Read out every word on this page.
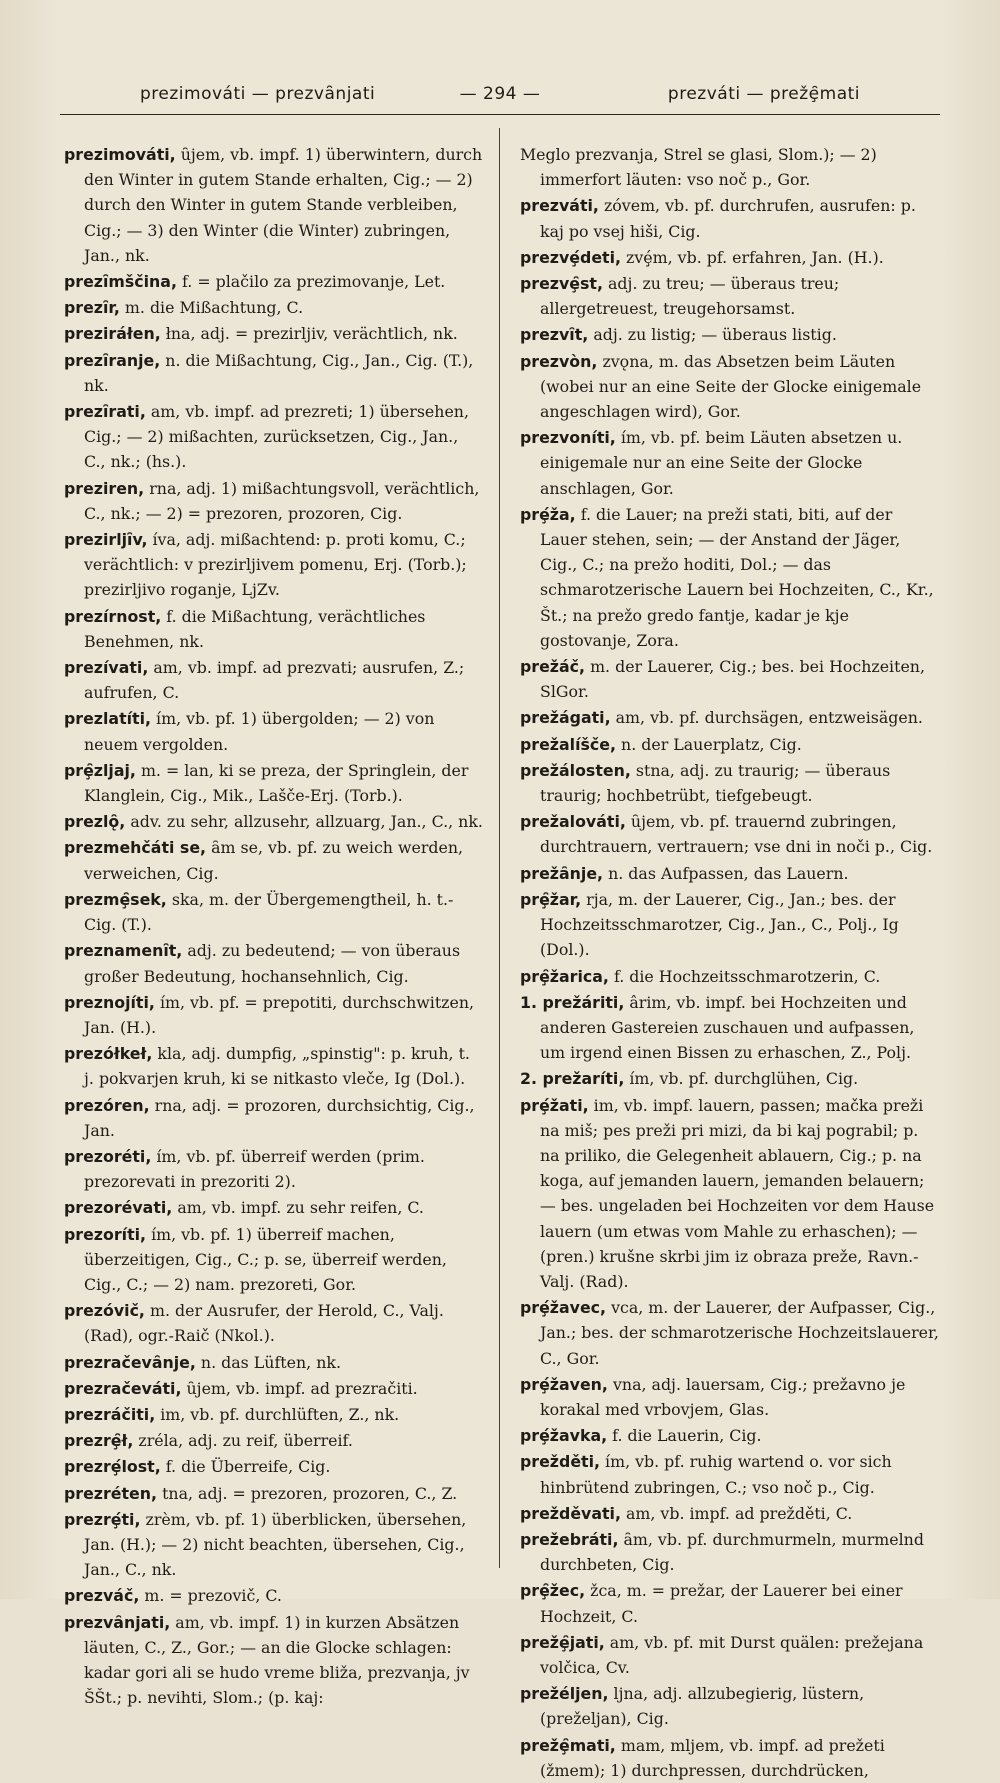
prezimováti — prezvȃnjati	— 294 —	prezváti — prežȩ̑mati

prezimováti, ȗjem, vb. impf. 1) überwintern, durch den Winter in gutem Stande erhalten, Cig.; — 2) durch den Winter in gutem Stande verbleiben, Cig.; — 3) den Winter (die Winter) zubringen, Jan., nk.

prezȋmščina, f. = plačilo za prezimovanje, Let.

prezȋr, m. die Mißachtung, C.

preziráłen, łna, adj. = prezirljiv, verächtlich, nk.

prezȋranje, n. die Mißachtung, Cig., Jan., Cig. (T.), nk.

prezȋrati, am, vb. impf. ad prezreti; 1) übersehen, Cig.; — 2) mißachten, zurücksetzen, Cig., Jan., C., nk.; (hs.).

preziren, rna, adj. 1) mißachtungsvoll, verächtlich, C., nk.; — 2) = prezoren, prozoren, Cig.

prezirljȋv, íva, adj. mißachtend: p. proti komu, C.; verächtlich: v prezirljivem pomenu, Erj. (Torb.); prezirljivo roganje, LjZv.

prezírnost, f. die Mißachtung, verächtliches Benehmen, nk.

prezívati, am, vb. impf. ad prezvati; ausrufen, Z.; aufrufen, C.

prezlatíti, ím, vb. pf. 1) übergolden; — 2) von neuem vergolden.

prȩ̑zljaj, m. = lan, ki se preza, der Springlein, der Klanglein, Cig., Mik., Lašče-Erj. (Torb.).

prezlǫ̑, adv. zu sehr, allzusehr, allzuarg, Jan., C., nk.

prezmehčáti se, ȃm se, vb. pf. zu weich werden, verweichen, Cig.

prezmȩ̑sek, ska, m. der Übergemengtheil, h. t.-Cig. (T.).

preznamenȋt, adj. zu bedeutend; — von überaus großer Bedeutung, hochansehnlich, Cig.

preznojíti, ím, vb. pf. = prepotiti, durchschwitzen, Jan. (H.).

prezółkeł, kla, adj. dumpfig, „spinstig": p. kruh, t. j. pokvarjen kruh, ki se nitkasto vleče, Ig (Dol.).

prezóren, rna, adj. = prozoren, durchsichtig, Cig., Jan.

prezoréti, ím, vb. pf. überreif werden (prim. prezorevati in prezoriti 2).

prezorévati, am, vb. impf. zu sehr reifen, C.

prezoríti, ím, vb. pf. 1) überreif machen, überzeitigen, Cig., C.; p. se, überreif werden, Cig., C.; — 2) nam. prezoreti, Gor.

prezóvič, m. der Ausrufer, der Herold, C., Valj. (Rad), ogr.-Raič (Nkol.).

prezračevȃnje, n. das Lüften, nk.

prezračeváti, ȗjem, vb. impf. ad prezračiti.

prezráčiti, im, vb. pf. durchlüften, Z., nk.

prezrȩ̑ł, zréla, adj. zu reif, überreif.

prezrȩ́lost, f. die Überreife, Cig.

prezréten, tna, adj. = prezoren, prozoren, C., Z.

prezrȩ́ti, zrèm, vb. pf. 1) überblicken, übersehen, Jan. (H.); — 2) nicht beachten, übersehen, Cig., Jan., C., nk.

prezváč, m. = prezovič, C.

prezvȃnjati, am, vb. impf. 1) in kurzen Absätzen läuten, C., Z., Gor.; — an die Glocke schlagen: kadar gori ali se hudo vreme bliža, prezvanja, jv ŠŠt.; p. nevihti, Slom.; (p. kaj:

Meglo prezvanja, Strel se glasi, Slom.); — 2) immerfort läuten: vso noč p., Gor.

prezváti, zóvem, vb. pf. durchrufen, ausrufen: p. kaj po vsej hiši, Cig.

prezvȩ́deti, zvȩ́m, vb. pf. erfahren, Jan. (H.).

prezvȩ̑st, adj. zu treu; — überaus treu; allergetreuest, treugehorsamst.

prezvȋt, adj. zu listig; — überaus listig.

prezvòn, zvǫna, m. das Absetzen beim Läuten (wobei nur an eine Seite der Glocke einigemale angeschlagen wird), Gor.

prezvoníti, ím, vb. pf. beim Läuten absetzen u. einigemale nur an eine Seite der Glocke anschlagen, Gor.

prȩ́ža, f. die Lauer; na preži stati, biti, auf der Lauer stehen, sein; — der Anstand der Jäger, Cig., C.; na prežo hoditi, Dol.; — das schmarotzerische Lauern bei Hochzeiten, C., Kr., Št.; na prežo gredo fantje, kadar je kje gostovanje, Zora.

prežáč, m. der Lauerer, Cig.; bes. bei Hochzeiten, SlGor.

prežágati, am, vb. pf. durchsägen, entzweisägen.

prežalíšče, n. der Lauerplatz, Cig.

prežálosten, stna, adj. zu traurig; — überaus traurig; hochbetrübt, tiefgebeugt.

prežalováti, ȗjem, vb. pf. trauernd zubringen, durchtrauern, vertrauern; vse dni in noči p., Cig.

prežȃnje, n. das Aufpassen, das Lauern.

prȩ̑žar, rja, m. der Lauerer, Cig., Jan.; bes. der Hochzeitsschmarotzer, Cig., Jan., C., Polj., Ig (Dol.).

prȩ̑žarica, f. die Hochzeitsschmarotzerin, C.

1. prežáriti, ârim, vb. impf. bei Hochzeiten und anderen Gastereien zuschauen und aufpassen, um irgend einen Bissen zu erhaschen, Z., Polj.

2. prežaríti, ím, vb. pf. durchglühen, Cig.

prȩ́žati, im, vb. impf. lauern, passen; mačka preži na miš; pes preži pri mizi, da bi kaj pograbil; p. na priliko, die Gelegenheit ablauern, Cig.; p. na koga, auf jemanden lauern, jemanden belauern; — bes. ungeladen bei Hochzeiten vor dem Hause lauern (um etwas vom Mahle zu erhaschen); — (pren.) krušne skrbi jim iz obraza preže, Ravn.-Valj. (Rad).

prȩ́žavec, vca, m. der Lauerer, der Aufpasser, Cig., Jan.; bes. der schmarotzerische Hochzeitslauerer, C., Gor.

prȩ́žaven, vna, adj. lauersam, Cig.; prežavno je korakal med vrbovjem, Glas.

prȩ́žavka, f. die Lauerin, Cig.

prežděti, ím, vb. pf. ruhig wartend o. vor sich hinbrütend zubringen, C.; vso noč p., Cig.

prežděvati, am, vb. impf. ad prežděti, C.

prežebráti, ȃm, vb. pf. durchmurmeln, murmelnd durchbeten, Cig.

prȩ̑žec, žca, m. = prežar, der Lauerer bei einer Hochzeit, C.

prežȩ̑jati, am, vb. pf. mit Durst quälen: prežejana volčica, Cv.

prežéljen, ljna, adj. allzubegierig, lüstern, (preželjan), Cig.

prežȩ̑mati, mam, mljem, vb. impf. ad prežeti (žmem); 1) durchpressen, durchdrücken,
